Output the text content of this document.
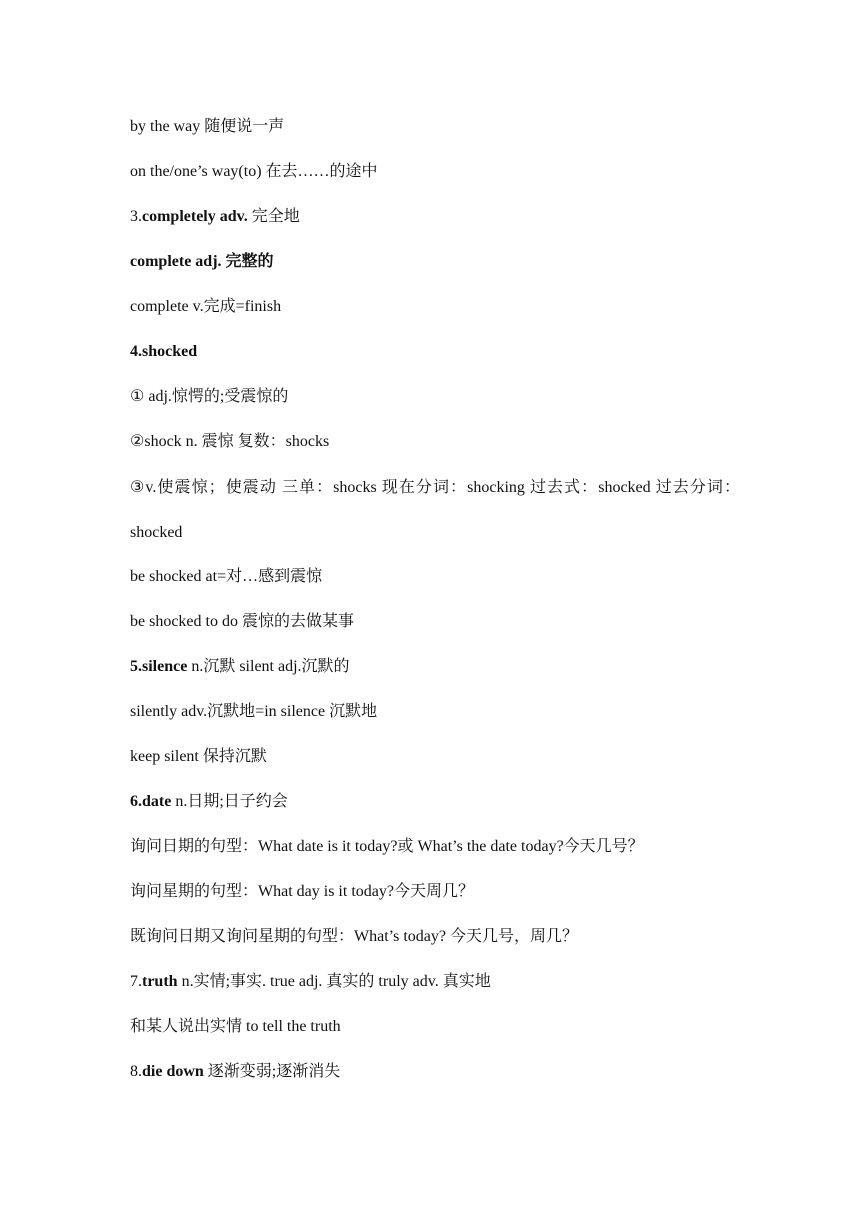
by the way 随便说一声
on the/one’s way(to) 在去……的途中
3.completely adv. 完全地
complete adj. 完整的
complete v.完成=finish
4.shocked
① adj.惊愕的;受震惊的
②shock n. 震惊 复数：shocks
③v.使震惊；使震动 三单：shocks 现在分词：shocking 过去式：shocked 过去分词：shocked
be shocked at=对…感到震惊
be shocked to do 震惊的去做某事
5.silence n.沉默 silent adj.沉默的
silently adv.沉默地=in silence 沉默地
keep silent 保持沉默
6.date n.日期;日子约会
询问日期的句型：What date is it today?或 What’s the date today?今天几号？
询问星期的句型：What day is it today?今天周几？
既询问日期又询问星期的句型：What’s today? 今天几号，周几？
7.truth n.实情;事实. true adj. 真实的 truly adv. 真实地
和某人说出实情 to tell the truth
8.die down 逐渐变弱;逐渐消失
